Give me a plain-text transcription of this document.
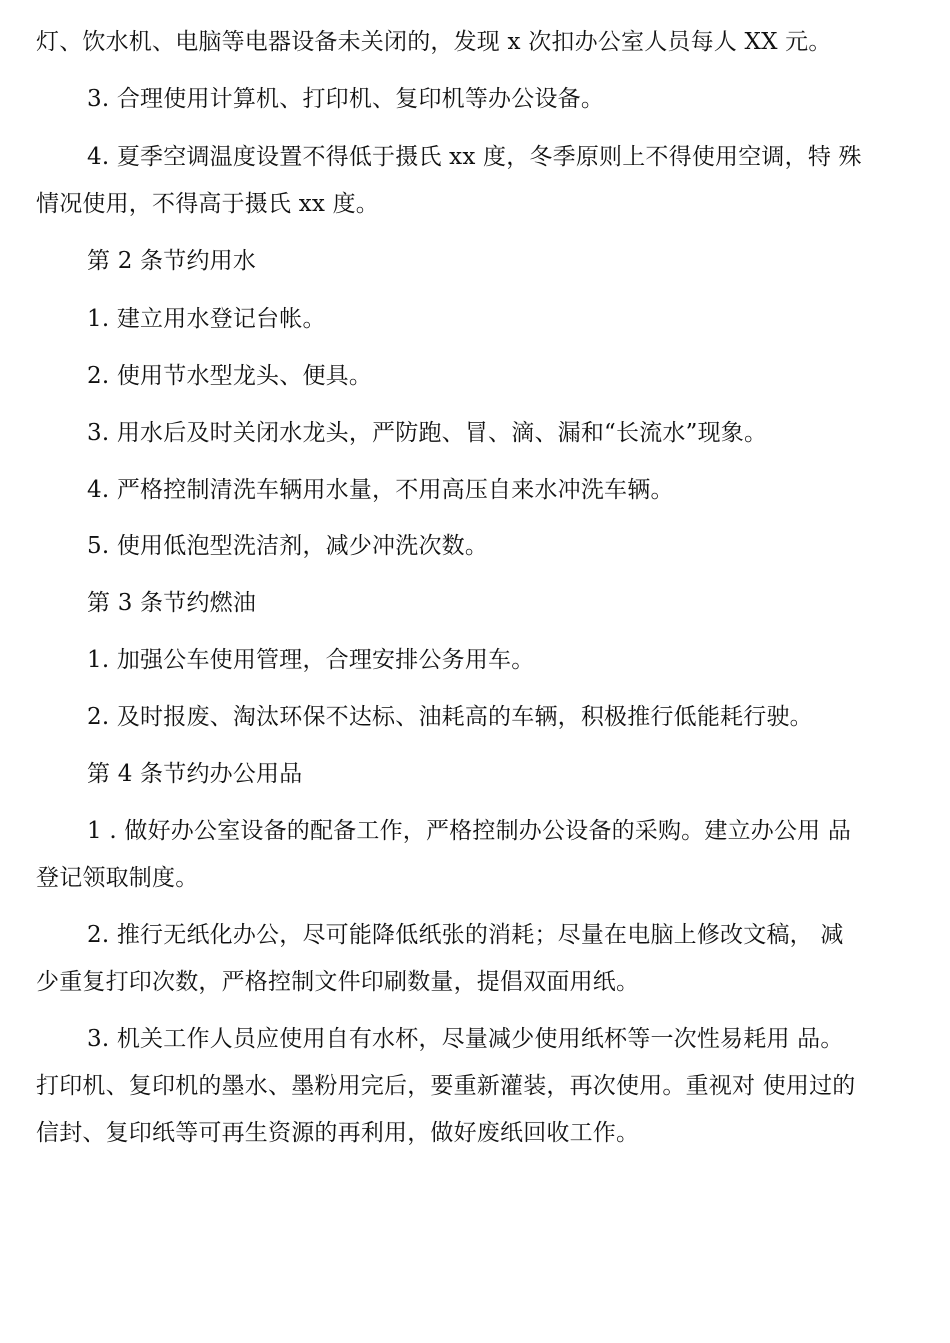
灯、饮水机、电脑等电器设备未关闭的，发现 x 次扣办公室人员每人 XX 元。

3. 合理使用计算机、打印机、复印机等办公设备。

4. 夏季空调温度设置不得低于摄氏 xx 度，冬季原则上不得使用空调，特 殊
情况使用，不得高于摄氏 xx 度。

第 2 条节约用水

1. 建立用水登记台帐。

2. 使用节水型龙头、便具。

3. 用水后及时关闭水龙头，严防跑、冒、滴、漏和“长流水”现象。

4. 严格控制清洗车辆用水量，不用高压自来水冲洗车辆。

5. 使用低泡型洗洁剂，减少冲洗次数。

第 3 条节约燃油

1. 加强公车使用管理，合理安排公务用车。

2. 及时报废、淘汰环保不达标、油耗高的车辆，积极推行低能耗行驶。

第 4 条节约办公用品

1 . 做好办公室设备的配备工作，严格控制办公设备的采购。建立办公用 品
登记领取制度。

2. 推行无纸化办公，尽可能降低纸张的消耗；尽量在电脑上修改文稿， 减
少重复打印次数，严格控制文件印刷数量，提倡双面用纸。

3. 机关工作人员应使用自有水杯，尽量减少使用纸杯等一次性易耗用 品。
打印机、复印机的墨水、墨粉用完后，要重新灌装，再次使用。重视对 使用过的
信封、复印纸等可再生资源的再利用，做好废纸回收工作。
